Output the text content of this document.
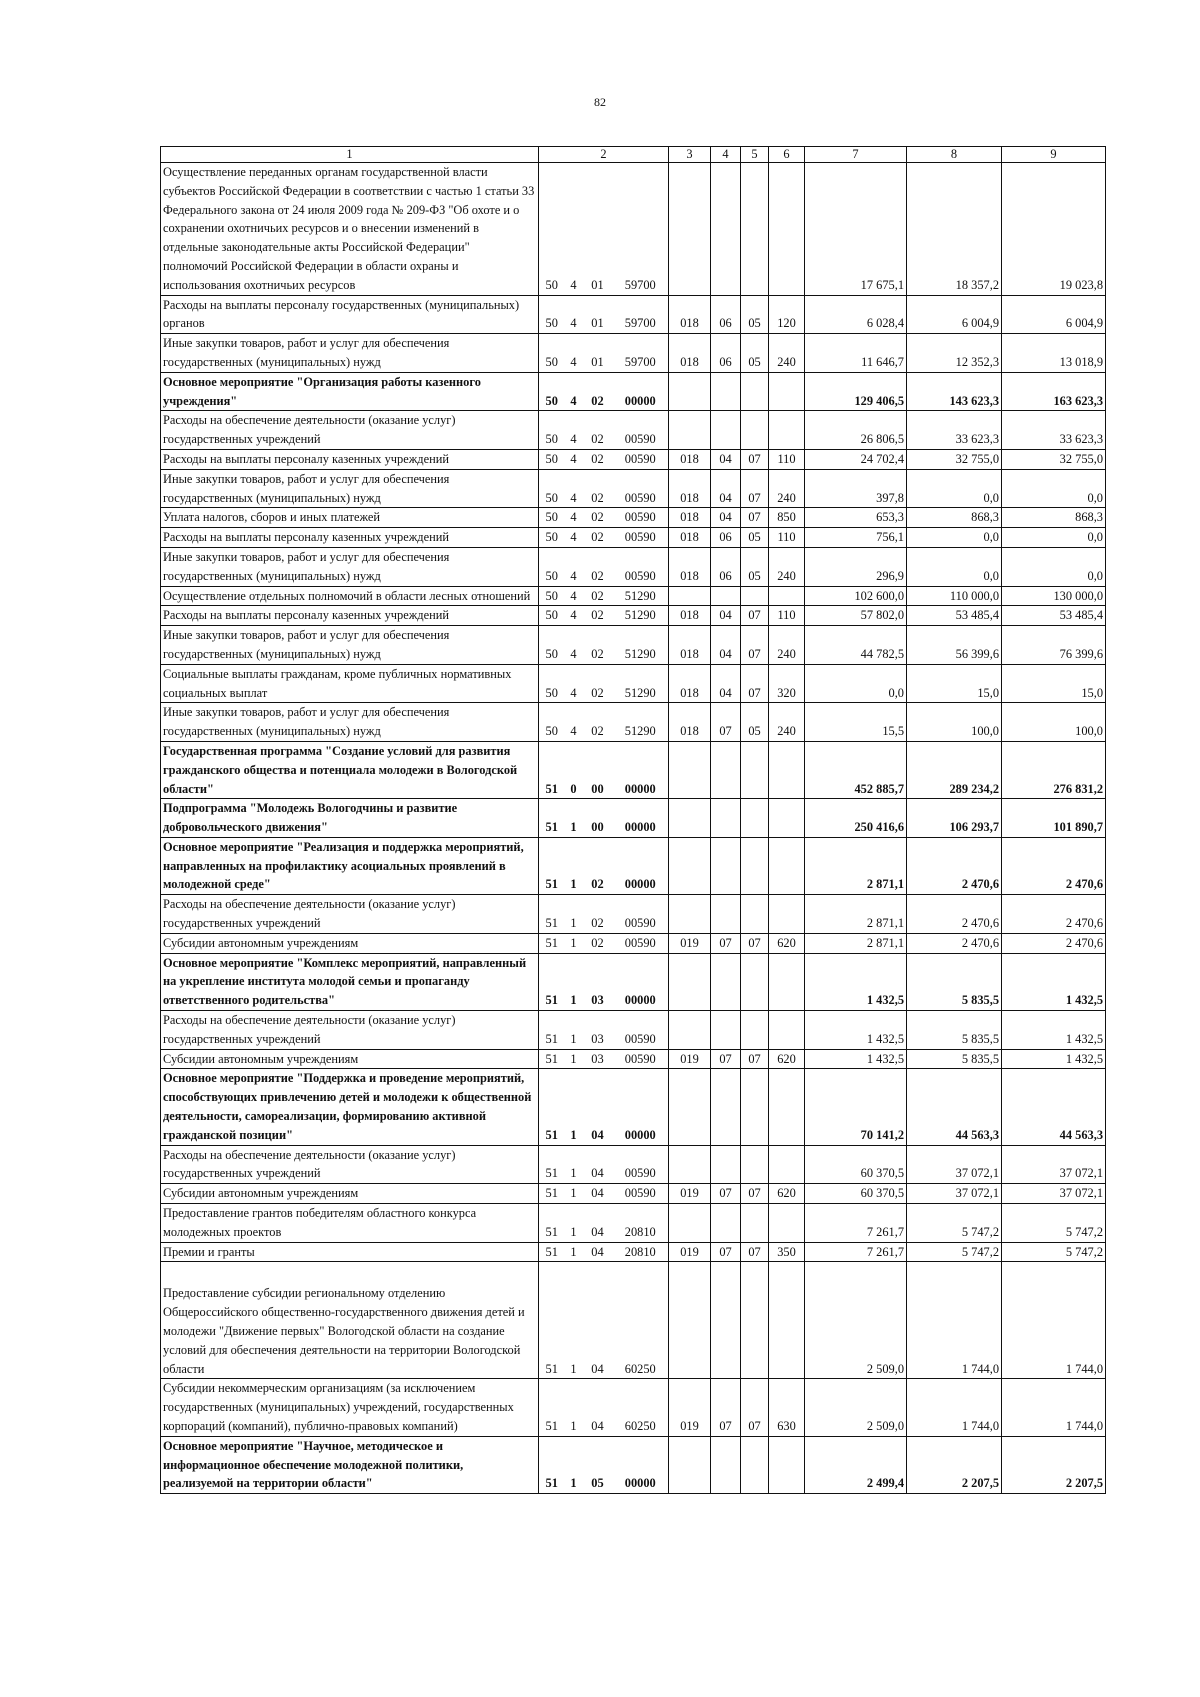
82
1	2				3	4	5	6	7	8	9
Осуществление переданных органам государственной власти субъектов Российской Федерации в соответствии с частью 1 статьи 33 Федерального закона от 24 июля 2009 года № 209-ФЗ "Об охоте и о сохранении охотничьих ресурсов и о внесении изменений в отдельные законодательные акты Российской Федерации" полномочий Российской Федерации в области охраны и использования охотничьих ресурсов	50	4	01	59700					17 675,1	18 357,2	19 023,8
Расходы на выплаты персоналу государственных (муниципальных) органов	50	4	01	59700	018	06	05	120	6 028,4	6 004,9	6 004,9
Иные закупки товаров, работ и услуг для обеспечения государственных (муниципальных) нужд	50	4	01	59700	018	06	05	240	11 646,7	12 352,3	13 018,9
Основное мероприятие "Организация работы казенного учреждения"	50	4	02	00000					129 406,5	143 623,3	163 623,3
Расходы на обеспечение деятельности (оказание услуг) государственных учреждений	50	4	02	00590					26 806,5	33 623,3	33 623,3
Расходы на выплаты персоналу казенных учреждений	50	4	02	00590	018	04	07	110	24 702,4	32 755,0	32 755,0
Иные закупки товаров, работ и услуг для обеспечения государственных (муниципальных) нужд	50	4	02	00590	018	04	07	240	397,8	0,0	0,0
Уплата налогов, сборов и иных платежей	50	4	02	00590	018	04	07	850	653,3	868,3	868,3
Расходы на выплаты персоналу казенных учреждений	50	4	02	00590	018	06	05	110	756,1	0,0	0,0
Иные закупки товаров, работ и услуг для обеспечения государственных (муниципальных) нужд	50	4	02	00590	018	06	05	240	296,9	0,0	0,0
Осуществление отдельных полномочий в области лесных отношений	50	4	02	51290					102 600,0	110 000,0	130 000,0
Расходы на выплаты персоналу казенных учреждений	50	4	02	51290	018	04	07	110	57 802,0	53 485,4	53 485,4
Иные закупки товаров, работ и услуг для обеспечения государственных (муниципальных) нужд	50	4	02	51290	018	04	07	240	44 782,5	56 399,6	76 399,6
Социальные выплаты гражданам, кроме публичных нормативных социальных выплат	50	4	02	51290	018	04	07	320	0,0	15,0	15,0
Иные закупки товаров, работ и услуг для обеспечения государственных (муниципальных) нужд	50	4	02	51290	018	07	05	240	15,5	100,0	100,0
Государственная программа "Создание условий для развития гражданского общества и потенциала молодежи в Вологодской области"	51	0	00	00000					452 885,7	289 234,2	276 831,2
Подпрограмма "Молодежь Вологодчины и развитие добровольческого движения"	51	1	00	00000					250 416,6	106 293,7	101 890,7
Основное мероприятие "Реализация и поддержка мероприятий, направленных на профилактику асоциальных проявлений в молодежной среде"	51	1	02	00000					2 871,1	2 470,6	2 470,6
Расходы на обеспечение деятельности (оказание услуг) государственных учреждений	51	1	02	00590					2 871,1	2 470,6	2 470,6
Субсидии автономным учреждениям	51	1	02	00590	019	07	07	620	2 871,1	2 470,6	2 470,6
Основное мероприятие "Комплекс мероприятий, направленный на укрепление института молодой семьи и пропаганду ответственного родительства"	51	1	03	00000					1 432,5	5 835,5	1 432,5
Расходы на обеспечение деятельности (оказание услуг) государственных учреждений	51	1	03	00590					1 432,5	5 835,5	1 432,5
Субсидии автономным учреждениям	51	1	03	00590	019	07	07	620	1 432,5	5 835,5	1 432,5
Основное мероприятие "Поддержка и проведение мероприятий, способствующих привлечению детей и молодежи к общественной деятельности, самореализации, формированию активной гражданской позиции"	51	1	04	00000					70 141,2	44 563,3	44 563,3
Расходы на обеспечение деятельности (оказание услуг) государственных учреждений	51	1	04	00590					60 370,5	37 072,1	37 072,1
Субсидии автономным учреждениям	51	1	04	00590	019	07	07	620	60 370,5	37 072,1	37 072,1
Предоставление грантов победителям областного конкурса молодежных проектов	51	1	04	20810					7 261,7	5 747,2	5 747,2
Премии и гранты	51	1	04	20810	019	07	07	350	7 261,7	5 747,2	5 747,2
Предоставление субсидии региональному отделению Общероссийского общественно-государственного движения детей и молодежи "Движение первых" Вологодской области на создание условий для обеспечения деятельности на территории Вологодской области	51	1	04	60250					2 509,0	1 744,0	1 744,0
Субсидии некоммерческим организациям (за исключением государственных (муниципальных) учреждений, государственных корпораций (компаний), публично-правовых компаний)	51	1	04	60250	019	07	07	630	2 509,0	1 744,0	1 744,0
Основное мероприятие "Научное, методическое и информационное обеспечение молодежной политики, реализуемой на территории области"	51	1	05	00000					2 499,4	2 207,5	2 207,5
